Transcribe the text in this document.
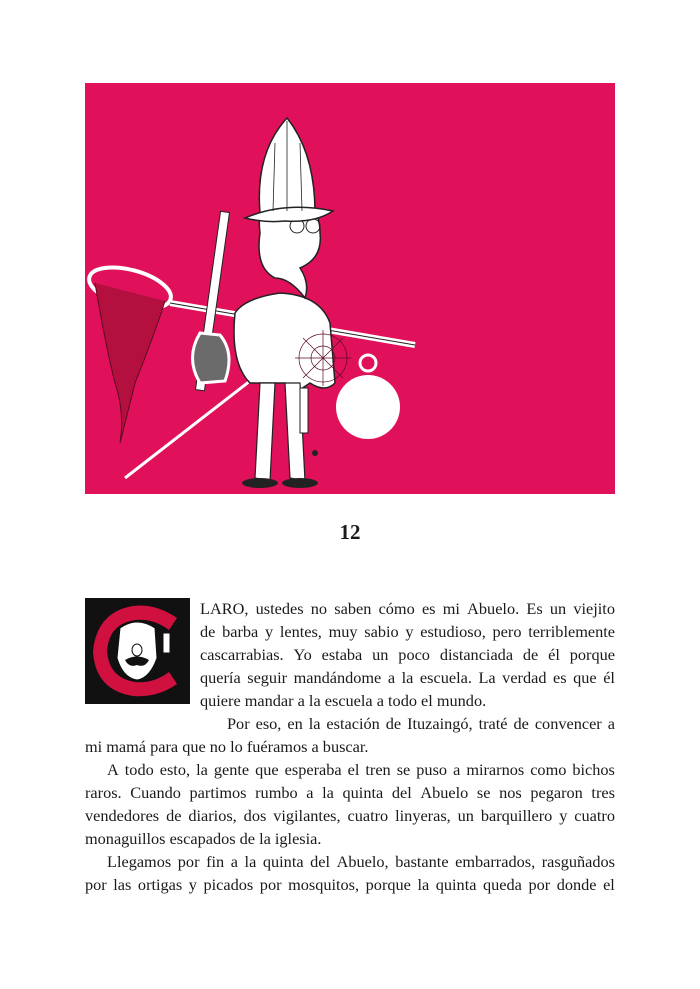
12
LARO, ustedes no saben cómo es mi Abuelo. Es un viejito
de barba y lentes, muy sabio y estudioso, pero terriblemente
cascarrabias. Yo estaba un poco distanciada de él porque
quería seguir mandándome a la escuela. La verdad es que él
quiere mandar a la escuela a todo el mundo.
Por eso, en la estación de Ituzaingó, traté de convencer a
mi mamá para que no lo fuéramos a buscar.
A todo esto, la gente que esperaba el tren se puso a mirarnos como bichos
raros. Cuando partimos rumbo a la quinta del Abuelo se nos pegaron tres
vendedores de diarios, dos vigilantes, cuatro linyeras, un barquillero y cuatro
monaguillos escapados de la iglesia.
Llegamos por fin a la quinta del Abuelo, bastante embarrados, rasguñados
por las ortigas y picados por mosquitos, porque la quinta queda por donde el
